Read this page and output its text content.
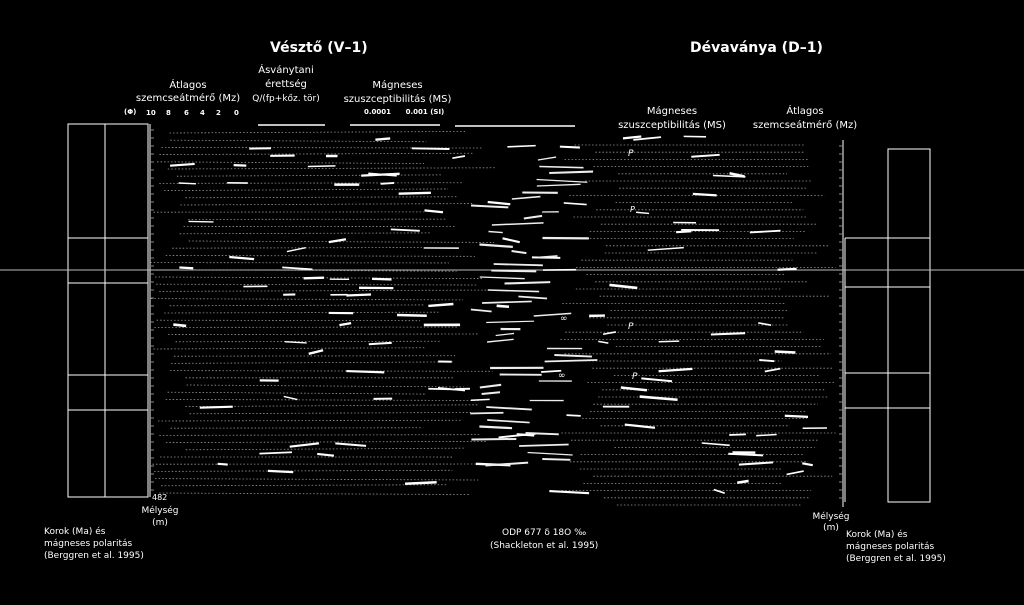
Vésztő (V–1)
Átlagos
szemcseátmérő (Mz)
(Φ) 10 8 6 4 2 0
Ásványtani
érettség
Q/(fp+kőz. tör)
Mágneses
szuszceptibilitás (MS)
0.0001      0.001 (SI)
Dévaványa (D–1)
Mágneses
szuszceptibilitás (MS)
Átlagos
szemcseátmérő (Mz)
482
Mélység
(m)
Korok (Ma) és
mágneses polaritás
(Berggren et al. 1995)
ODP 677 δ 18O ‰
(Shackleton et al. 1995)
Mélység
(m)
Korok (Ma) és
mágneses polaritás
(Berggren et al. 1995)
P
P
P
P
∞
∞
